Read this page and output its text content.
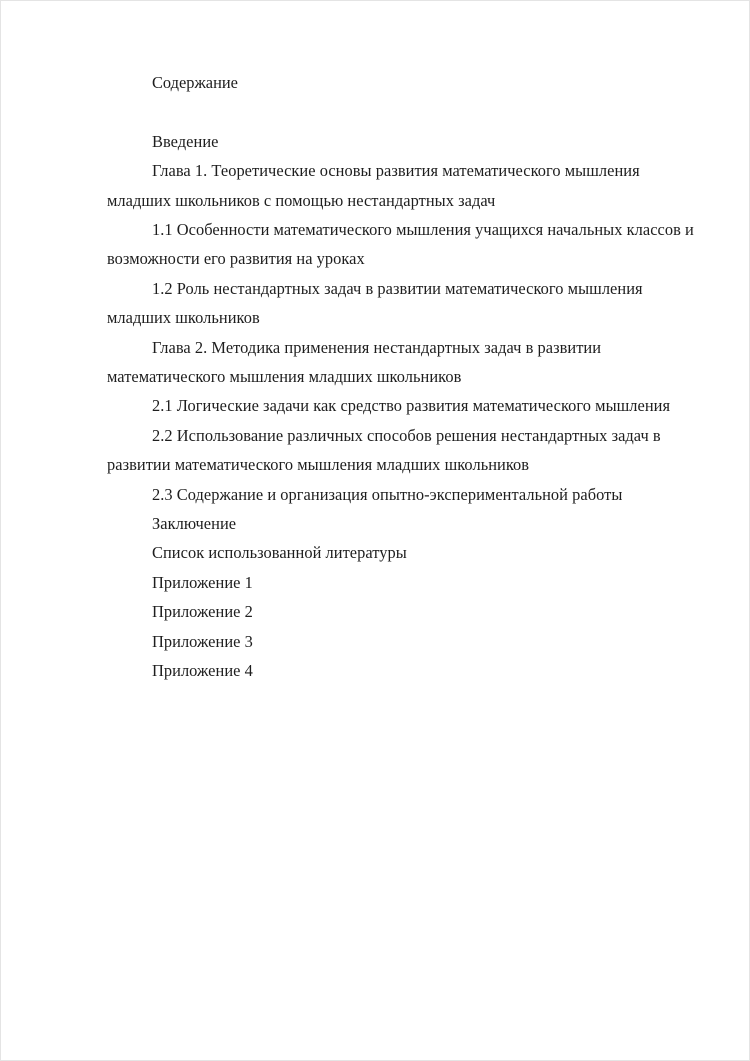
Содержание

Введение

Глава 1. Теоретические основы развития математического мышления младших школьников с помощью нестандартных задач

1.1 Особенности математического мышления учащихся начальных классов и возможности его развития на уроках

1.2 Роль нестандартных задач в развитии математического мышления младших школьников

Глава 2. Методика применения нестандартных задач в развитии математического мышления младших школьников

2.1 Логические задачи как средство развития математического мышления

2.2 Использование различных способов решения нестандартных задач в развитии математического мышления младших школьников

2.3 Содержание и организация опытно-экспериментальной работы

Заключение

Список использованной литературы

Приложение 1

Приложение 2

Приложение 3

Приложение 4
